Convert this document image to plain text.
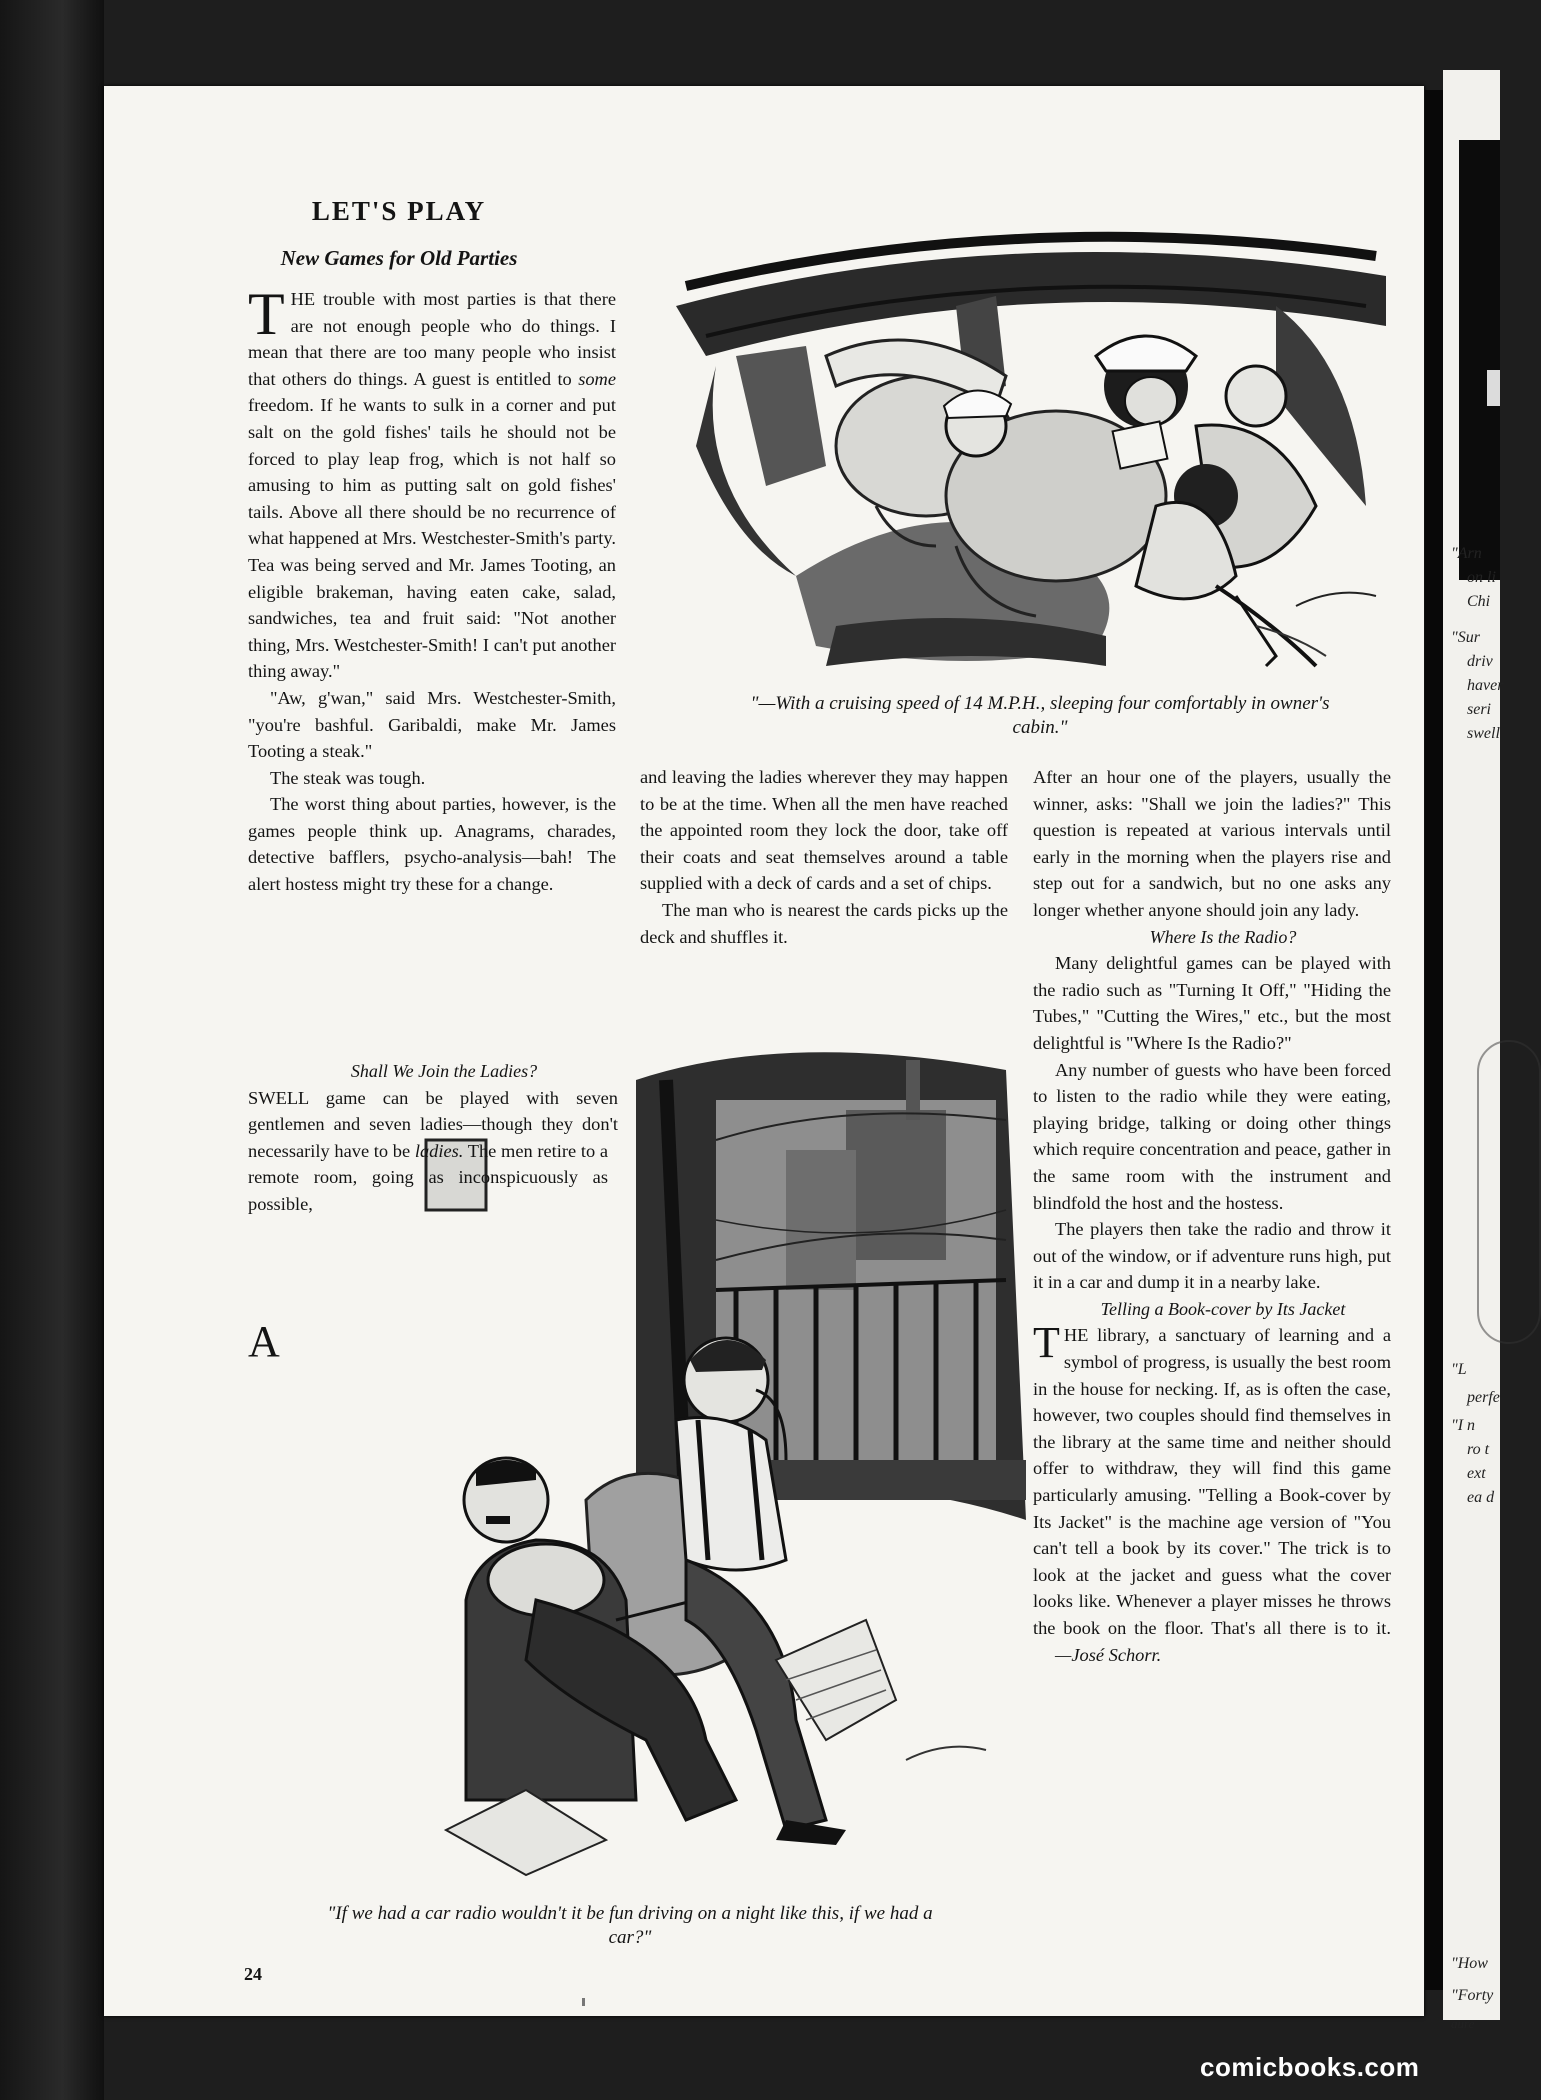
"Arn
on li
Chi
"Sur
driv
haver
seri
swell
"L
perfe
"I n
ro t
ext
ea d
"How
"Forty
aure
LET'S PLAY
New Games for Old Parties

"—With a cruising speed of 14 M.P.H., sleeping four comfortably in owner's cabin."

"If we had a car radio wouldn't it be fun driving on a night like this, if we had a car?"

THE trouble with most parties is that there are not enough people who do things. I mean that there are too many people who insist that others do things. A guest is entitled to some freedom. If he wants to sulk in a corner and put salt on the gold fishes' tails he should not be forced to play leap frog, which is not half so amusing to him as putting salt on gold fishes' tails. Above all there should be no recurrence of what happened at Mrs. Westchester-Smith's party. Tea was being served and Mr. James Tooting, an eligible brakeman, having eaten cake, salad, sandwiches, tea and fruit said: "Not another thing, Mrs. Westchester-Smith! I can't put another thing away."

"Aw, g'wan," said Mrs. Westchester-Smith, "you're bashful. Garibaldi, make Mr. James Tooting a steak."

The steak was tough.

The worst thing about parties, however, is the games people think up. Anagrams, charades, detective bafflers, psycho-analysis—bah! The alert hostess might try these for a change.

Shall We Join the Ladies?

A
SWELL game can be played with seven gentlemen and seven ladies—though they don't necessarily have to be ladies. The men retire to a remote room, going as inconspicuously as possible,

and leaving the ladies wherever they may happen to be at the time. When all the men have reached the appointed room they lock the door, take off their coats and seat themselves around a table supplied with a deck of cards and a set of chips.

The man who is nearest the cards picks up the deck and shuffles it.

After an hour one of the players, usually the winner, asks: "Shall we join the ladies?" This question is repeated at various intervals until early in the morning when the players rise and step out for a sandwich, but no one asks any longer whether anyone should join any lady.

Where Is the Radio?

Many delightful games can be played with the radio such as "Turning It Off," "Hiding the Tubes," "Cutting the Wires," etc., but the most delightful is "Where Is the Radio?"

Any number of guests who have been forced to listen to the radio while they were eating, playing bridge, talking or doing other things which require concentration and peace, gather in the same room with the instrument and blindfold the host and the hostess.

The players then take the radio and throw it out of the window, or if adventure runs high, put it in a car and dump it in a nearby lake.

Telling a Book-cover by Its Jacket

THE library, a sanctuary of learning and a symbol of progress, is usually the best room in the house for necking. If, as is often the case, however, two couples should find themselves in the library at the same time and neither should offer to withdraw, they will find this game particularly amusing. "Telling a Book-cover by Its Jacket" is the machine age version of "You can't tell a book by its cover." The trick is to look at the jacket and guess what the cover looks like. Whenever a player misses he throws the book on the floor. That's all there is to it. —José Schorr.

24
comicbooks.com
